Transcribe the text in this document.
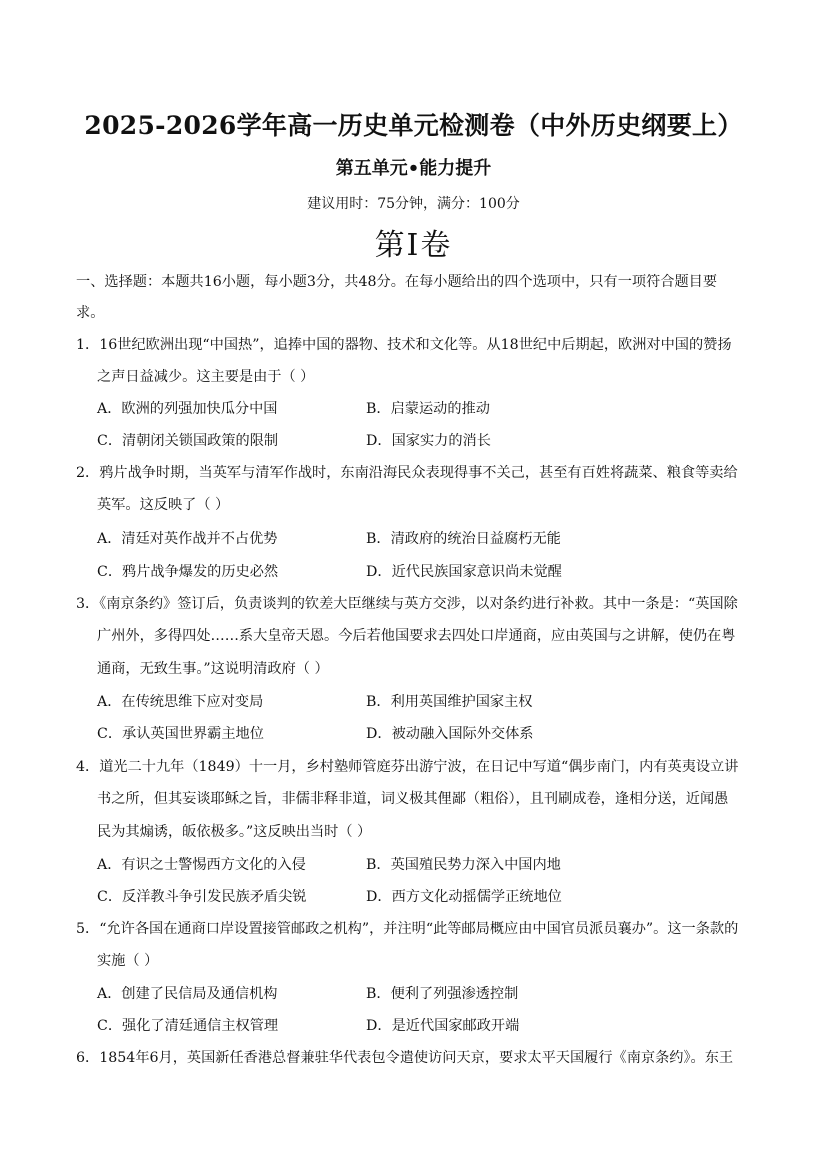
2025-2026学年高一历史单元检测卷（中外历史纲要上）
第五单元•能力提升
建议用时：75分钟，满分：100分
第Ⅰ卷
一、选择题：本题共16小题，每小题3分，共48分。在每小题给出的四个选项中，只有一项符合题目要
求。
1．16世纪欧洲出现“中国热”，追捧中国的器物、技术和文化等。从18世纪中后期起，欧洲对中国的赞扬
之声日益减少。这主要是由于（ ）
A．欧洲的列强加快瓜分中国	B．启蒙运动的推动
C．清朝闭关锁国政策的限制	D．国家实力的消长
2．鸦片战争时期，当英军与清军作战时，东南沿海民众表现得事不关己，甚至有百姓将蔬菜、粮食等卖给
英军。这反映了（ ）
A．清廷对英作战并不占优势	B．清政府的统治日益腐朽无能
C．鸦片战争爆发的历史必然	D．近代民族国家意识尚未觉醒
3．《南京条约》签订后，负责谈判的钦差大臣继续与英方交涉，以对条约进行补救。其中一条是：“英国除
广州外，多得四处……系大皇帝天恩。今后若他国要求去四处口岸通商，应由英国与之讲解，使仍在粤
通商，无致生事。”这说明清政府（ ）
A．在传统思维下应对变局	B．利用英国维护国家主权
C．承认英国世界霸主地位	D．被动融入国际外交体系
4．道光二十九年（1849）十一月，乡村塾师管庭芬出游宁波，在日记中写道“偶步南门，内有英夷设立讲
书之所，但其妄谈耶稣之旨，非儒非释非道，词义极其俚鄙（粗俗），且刊刷成卷，逢相分送，近闻愚
民为其煽诱，皈依极多。”这反映出当时（ ）
A．有识之士警惕西方文化的入侵	B．英国殖民势力深入中国内地
C．反洋教斗争引发民族矛盾尖锐	D．西方文化动摇儒学正统地位
5．“允许各国在通商口岸设置接管邮政之机构”，并注明“此等邮局概应由中国官员派员襄办”。这一条款的
实施（ ）
A．创建了民信局及通信机构	B．便利了列强渗透控制
C．强化了清廷通信主权管理	D．是近代国家邮政开端
6．1854年6月，英国新任香港总督兼驻华代表包令遣使访问天京，要求太平天国履行《南京条约》。东王
